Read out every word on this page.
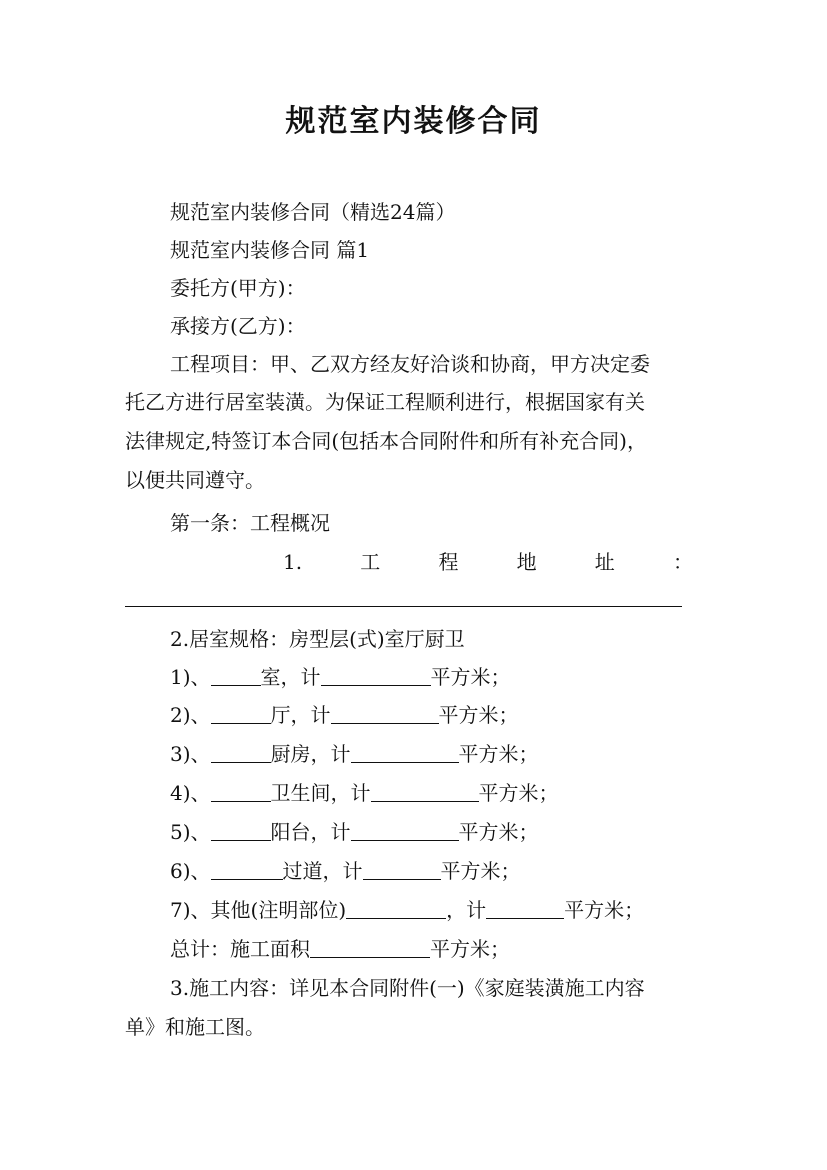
规范室内装修合同
规范室内装修合同（精选24篇）
规范室内装修合同 篇1
委托方(甲方)：
承接方(乙方)：
工程项目：甲、乙双方经友好洽谈和协商，甲方决定委
托乙方进行居室装潢。为保证工程顺利进行，根据国家有关
法律规定,特签订本合同(包括本合同附件和所有补充合同)，
以便共同遵守。
第一条：工程概况
1.	工	程	地	址	：
2.居室规格：房型层(式)室厅厨卫
1)、	室，计	平方米；
2)、	厅，计	平方米；
3)、	厨房，计	平方米；
4)、	卫生间，计	平方米；
5)、	阳台，计	平方米；
6)、	过道，计	平方米；
7)、其他(注明部位)	，计	平方米；
总计：施工面积	平方米；
3.施工内容：详见本合同附件(一)《家庭装潢施工内容
单》和施工图。
